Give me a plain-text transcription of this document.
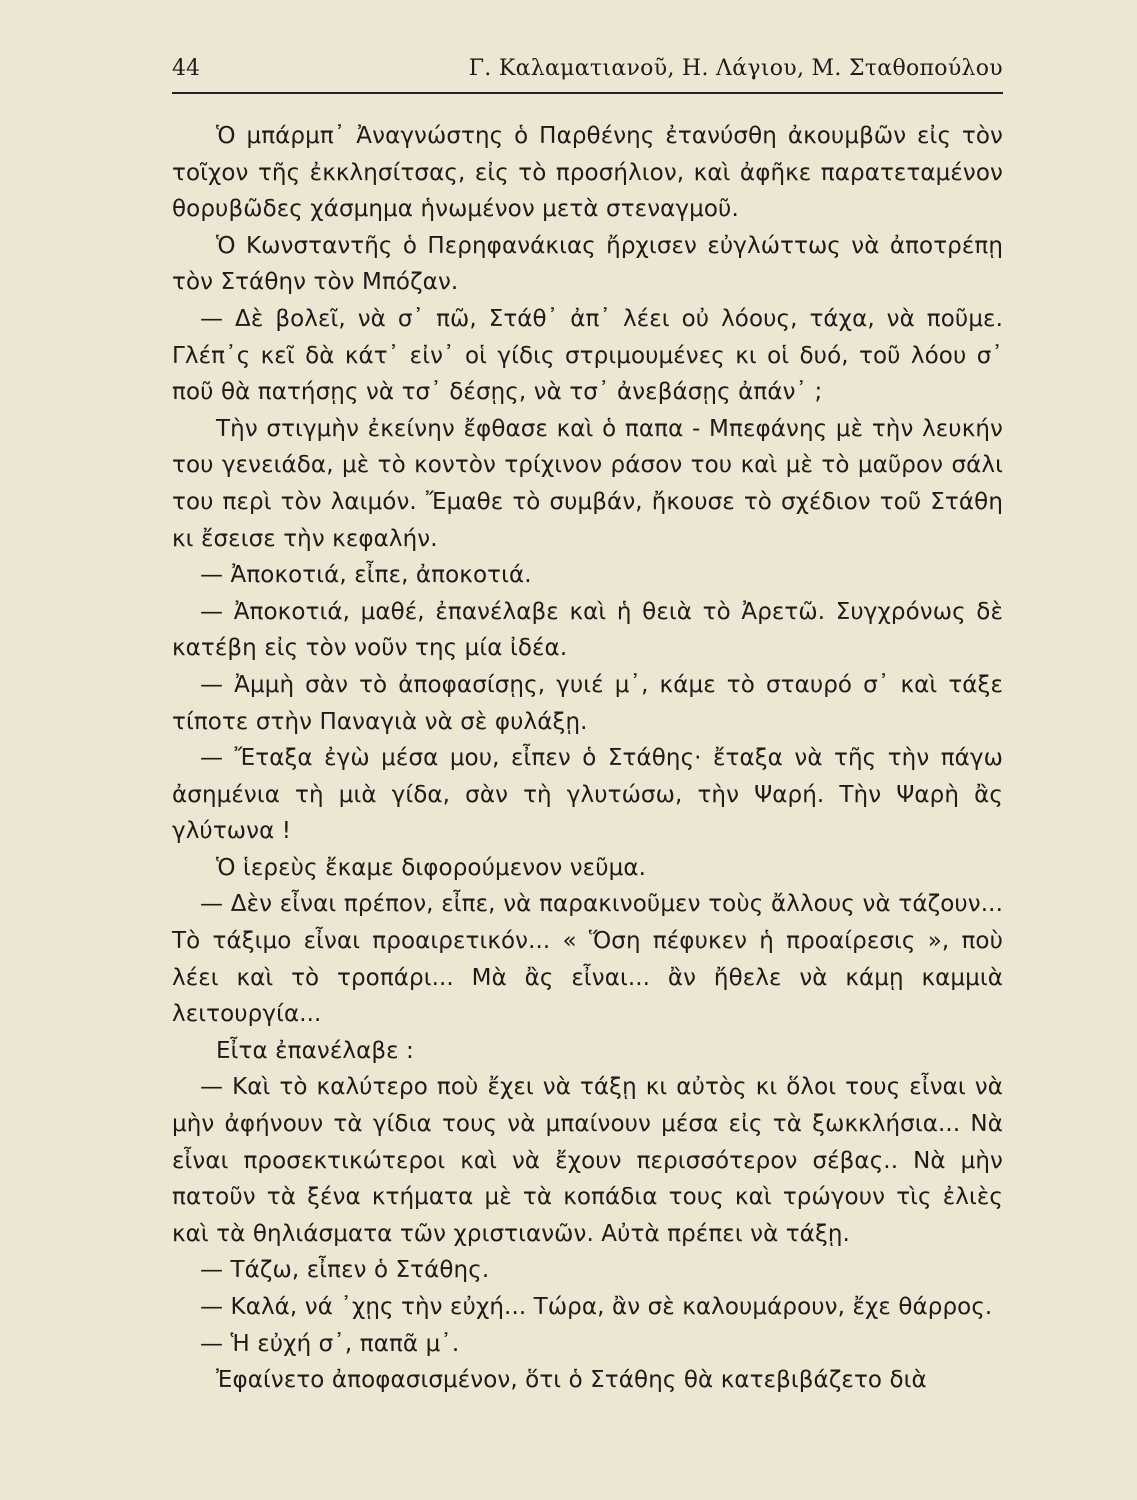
44	Γ. Καλαματιανοῦ, Η. Λάγιου, Μ. Σταθοπούλου

Ὁ μπάρμπ᾽ Ἀναγνώστης ὁ Παρθένης ἐτανύσθη ἀκουμβῶν εἰς τὸν τοῖχον τῆς ἐκκλησίτσας, εἰς τὸ προσήλιον, καὶ ἀφῆκε παρατεταμένον θορυβῶδες χάσμημα ἡνωμένον μετὰ στεναγμοῦ.

Ὁ Κωνσταντῆς ὁ Περηφανάκιας ἤρχισεν εὐγλώττως νὰ ἀποτρέπῃ τὸν Στάθην τὸν Μπόζαν.

— Δὲ βολεῖ, νὰ σ᾽ πῶ, Στάθ᾽ ἀπ᾽ λέει οὐ λόους, τάχα, νὰ ποῦμε. Γλέπ᾽ς κεῖ δὰ κάτ᾽ εἰν᾽ οἱ γίδις στριμουμένες κι οἱ δυό, τοῦ λόου σ᾽ ποῦ θὰ πατήσῃς νὰ τσ᾽ δέσῃς, νὰ τσ᾽ ἀνεβάσῃς ἀπάν᾽ ;

Τὴν στιγμὴν ἐκείνην ἔφθασε καὶ ὁ παπα - Μπεφάνης μὲ τὴν λευκήν του γενειάδα, μὲ τὸ κοντὸν τρίχινον ράσον του καὶ μὲ τὸ μαῦρον σάλι του περὶ τὸν λαιμόν. Ἔμαθε τὸ συμβάν, ἤκουσε τὸ σχέδιον τοῦ Στάθη κι ἔσεισε τὴν κεφαλήν.

— Ἀποκοτιά, εἶπε, ἀποκοτιά.

— Ἀποκοτιά, μαθέ, ἐπανέλαβε καὶ ἡ θειὰ τὸ Ἀρετῶ. Συγχρόνως δὲ κατέβη εἰς τὸν νοῦν της μία ἰδέα.

— Ἀμμὴ σὰν τὸ ἀποφασίσῃς, γυιέ μ᾽, κάμε τὸ σταυρό σ᾽ καὶ τάξε τίποτε στὴν Παναγιὰ νὰ σὲ φυλάξῃ.

— Ἔταξα ἐγὼ μέσα μου, εἶπεν ὁ Στάθης· ἔταξα νὰ τῆς τὴν πάγω ἀσημένια τὴ μιὰ γίδα, σὰν τὴ γλυτώσω, τὴν Ψαρή. Τὴν Ψαρὴ ἂς γλύτωνα !

Ὁ ἱερεὺς ἔκαμε διφορούμενον νεῦμα.

— Δὲν εἶναι πρέπον, εἶπε, νὰ παρακινοῦμεν τοὺς ἄλλους νὰ τάζουν... Τὸ τάξιμο εἶναι προαιρετικόν... « Ὅση πέφυκεν ἡ προαίρεσις », ποὺ λέει καὶ τὸ τροπάρι... Μὰ ἂς εἶναι... ἂν ἤθελε νὰ κάμῃ καμμιὰ λειτουργία...

Εἶτα ἐπανέλαβε :

— Καὶ τὸ καλύτερο ποὺ ἔχει νὰ τάξῃ κι αὐτὸς κι ὅλοι τους εἶναι νὰ μὴν ἀφήνουν τὰ γίδια τους νὰ μπαίνουν μέσα εἰς τὰ ξωκκλήσια... Νὰ εἶναι προσεκτικώτεροι καὶ νὰ ἔχουν περισσότερον σέβας.. Νὰ μὴν πατοῦν τὰ ξένα κτήματα μὲ τὰ κοπάδια τους καὶ τρώγουν τὶς ἐλιὲς καὶ τὰ θηλιάσματα τῶν χριστιανῶν. Αὐτὰ πρέπει νὰ τάξῃ.

— Τάζω, εἶπεν ὁ Στάθης.

— Καλά, νά ᾽χῃς τὴν εὐχή... Τώρα, ἂν σὲ καλουμάρουν, ἔχε θάρρος.

— Ἡ εὐχή σ᾽, παπᾶ μ᾽.

Ἐφαίνετο ἀποφασισμένον, ὅτι ὁ Στάθης θὰ κατεβιβάζετο διὰ
